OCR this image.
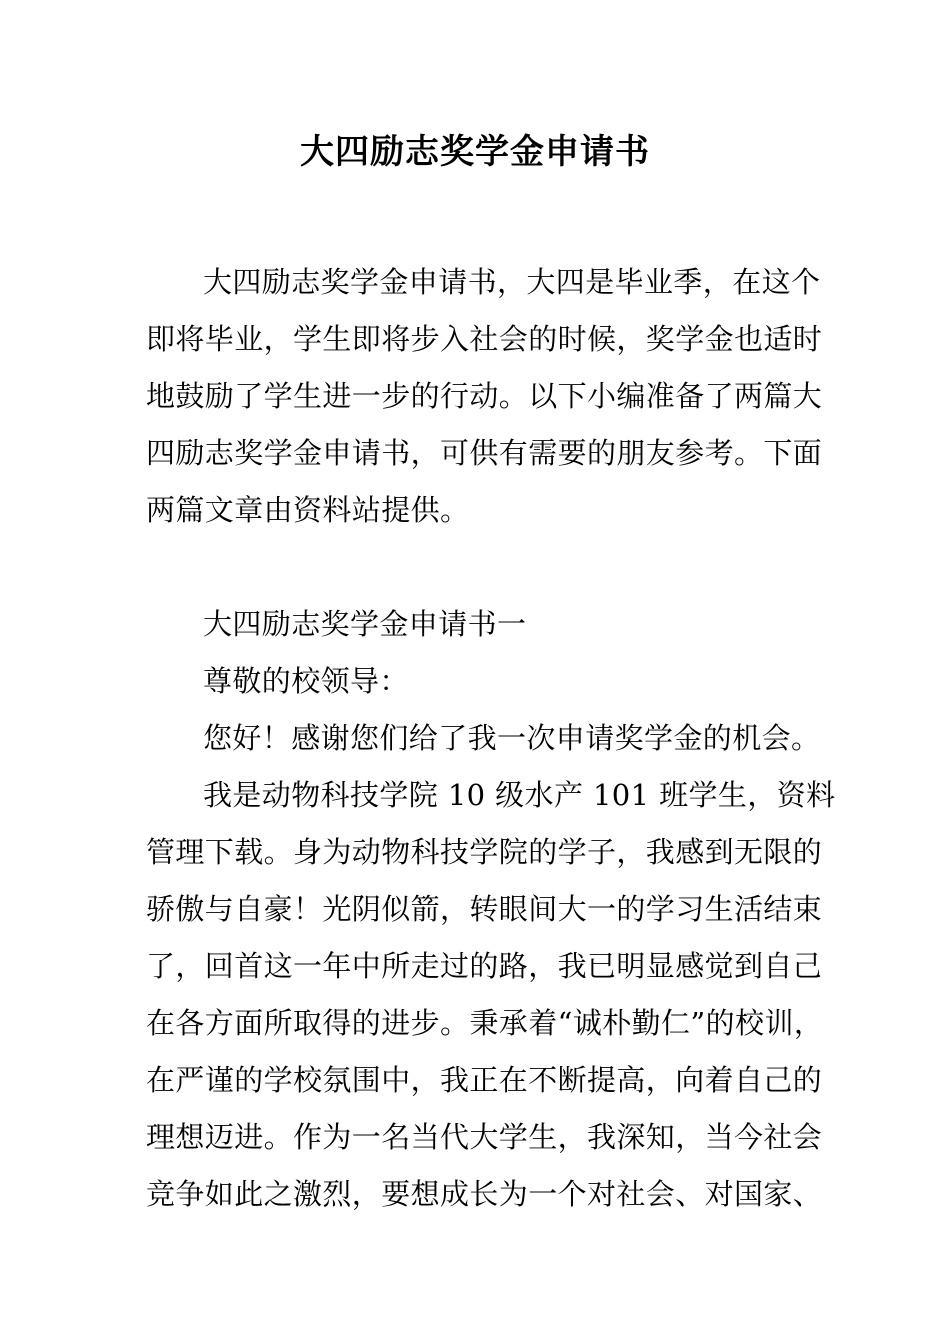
大四励志奖学金申请书
大四励志奖学金申请书，大四是毕业季，在这个
即将毕业，学生即将步入社会的时候，奖学金也适时
地鼓励了学生进一步的行动。以下小编准备了两篇大
四励志奖学金申请书，可供有需要的朋友参考。下面
两篇文章由资料站提供。
大四励志奖学金申请书一
尊敬的校领导：
您好！感谢您们给了我一次申请奖学金的机会。
我是动物科技学院 10 级水产 101 班学生，资料
管理下载。身为动物科技学院的学子，我感到无限的
骄傲与自豪！光阴似箭，转眼间大一的学习生活结束
了，回首这一年中所走过的路，我已明显感觉到自己
在各方面所取得的进步。秉承着“诚朴勤仁”的校训，
在严谨的学校氛围中，我正在不断提高，向着自己的
理想迈进。作为一名当代大学生，我深知，当今社会
竞争如此之激烈，要想成长为一个对社会、对国家、
